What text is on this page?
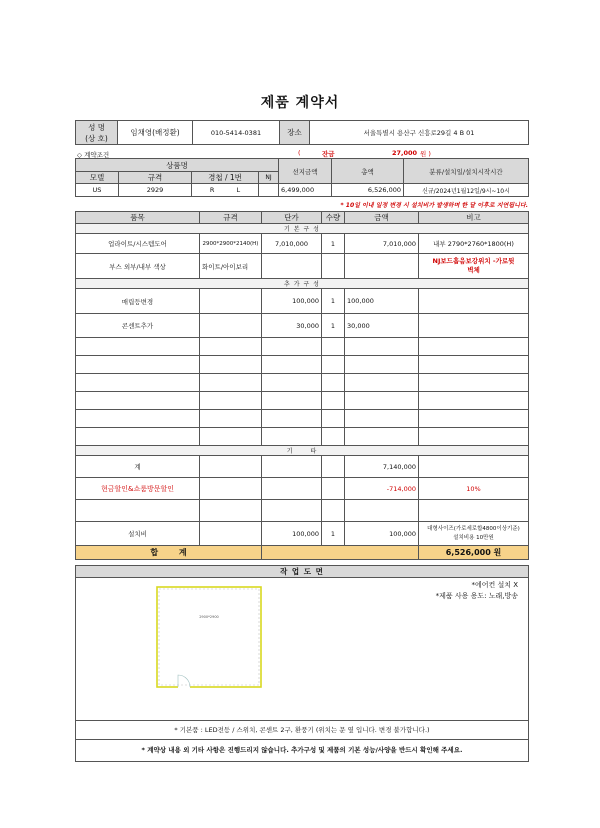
제품 계약서
성 명
(상 호)
	임채영(배정환)	010-5414-0381	장소	서울특별시 용산구 신흥로29길 4 B 01
◇ 계약조건	(	잔금	27,000 원 )
상품명				선지금액	총액	분류/설치일/설치시작시간
모델	규격	경첩 / 1번	NJ			
US	2929	R L		6,499,000	6,526,000	신규/2024년1월12일/9시~10시
* 10일 이내 일정 변경 시 설치비가 발생하며 한 달 이후로 지연됩니다.
품목	규격	단가	수량	금액	비고
기 본 구 성					
업라이트/시스템도어	2900*2900*2140(H)	7,010,000	1	7,010,000	내부 2790*2760*1800(H)
부스 외부/내부 색상	화이트/아이보리				NJ보드흡음보강위치 -가로뒷벽체
추 가 구 성					
매립등변경		100,000	1	100,000	
콘센트추가		30,000	1	30,000	

기 타					
계				7,140,000	
현금할인&쇼룸방문할인				-714,000	10%

설치비		100,000	1	100,000	대형사이즈(가로세로합4800이상기준)
설치비용 10만원

합 계					6,526,000 원
작 업 도 면
*에어컨 설치 X
*제품 사용 용도: 노래,방송
2900*2900
* 기본품 : LED전등 / 스위치, 콘센트 2구, 환풍기 (위치는 문 옆 입니다. 변경 불가합니다.)
* 계약상 내용 외 기타 사항은 진행드리지 않습니다. 추가구성 및 제품의 기본 성능/사양을 반드시 확인해 주세요.
